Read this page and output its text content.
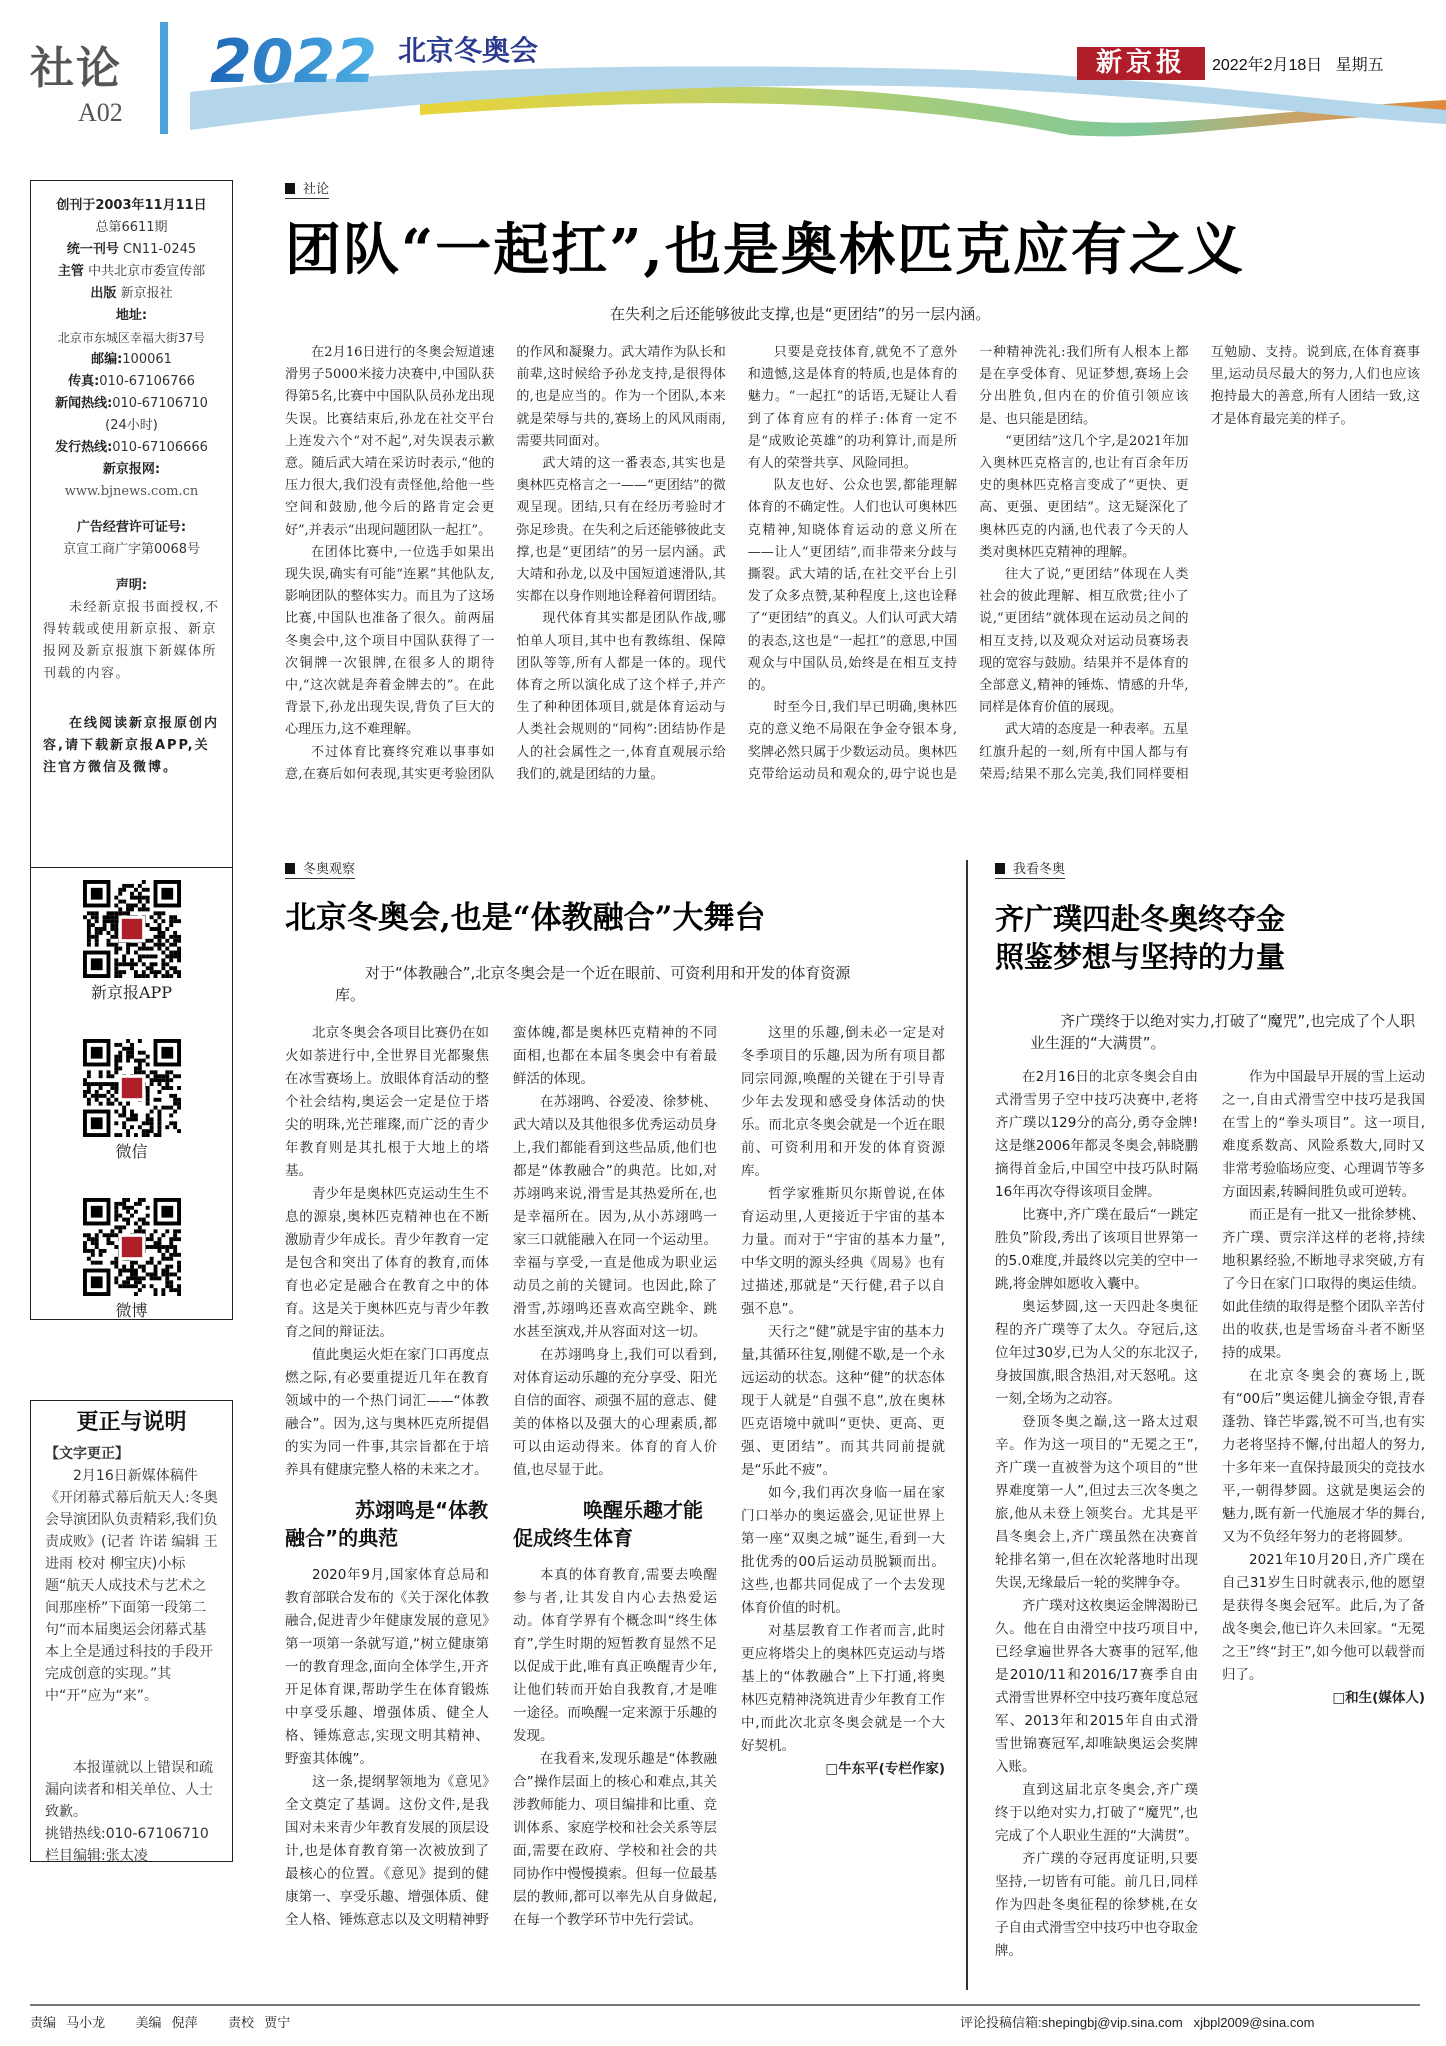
社论
A02
2022 北京冬奥会	新京报	2022年2月18日 星期五
创刊于2003年11月11日
总第6611期
统一刊号 CN11-0245
主管 中共北京市委宣传部
出版 新京报社
地址:
北京市东城区幸福大街37号
邮编:100061
传真:010-67106766
新闻热线:010-67106710
(24小时)
发行热线:010-67106666
新京报网:
www.bjnews.com.cn
广告经营许可证号:
京宣工商广字第0068号
声明:
未经新京报书面授权,不得转载或使用新京报、新京报网及新京报旗下新媒体所刊载的内容。
在线阅读新京报原创内容,请下载新京报APP,关注官方微信及微博。
新京报APP
微信
微博
更正与说明

【文字更正】

2月16日新媒体稿件《开闭幕式幕后航天人:冬奥会导演团队负责精彩,我们负责成败》(记者 许诺 编辑 王进雨 校对 柳宝庆)小标题“航天人成技术与艺术之间那座桥”下面第一段第二句“而本届奥运会闭幕式基本上全是通过科技的手段开完成创意的实现。”其中“开”应为“来”。

本报谨就以上错误和疏漏向读者和相关单位、人士致歉。

挑错热线:010-67106710

栏目编辑:张太凌

社论
团队“一起扛”,也是奥林匹克应有之义
在失利之后还能够彼此支撑,也是“更团结”的另一层内涵。

在2月16日进行的冬奥会短道速滑男子5000米接力决赛中,中国队获得第5名,比赛中中国队队员孙龙出现失误。比赛结束后,孙龙在社交平台上连发六个“对不起”,对失误表示歉意。随后武大靖在采访时表示,“他的压力很大,我们没有责怪他,给他一些空间和鼓励,他今后的路肯定会更好”,并表示“出现问题团队一起扛”。

在团体比赛中,一位选手如果出现失误,确实有可能“连累”其他队友,影响团队的整体实力。而且为了这场比赛,中国队也准备了很久。前两届冬奥会中,这个项目中国队获得了一次铜牌一次银牌,在很多人的期待中,“这次就是奔着金牌去的”。在此背景下,孙龙出现失误,背负了巨大的心理压力,这不难理解。

不过体育比赛终究难以事事如意,在赛后如何表现,其实更考验团队的作风和凝聚力。武大靖作为队长和前辈,这时候给予孙龙支持,是很得体的,也是应当的。作为一个团队,本来就是荣辱与共的,赛场上的风风雨雨,需要共同面对。

武大靖的这一番表态,其实也是奥林匹克格言之一——“更团结”的微观呈现。团结,只有在经历考验时才弥足珍贵。在失利之后还能够彼此支撑,也是“更团结”的另一层内涵。武大靖和孙龙,以及中国短道速滑队,其实都在以身作则地诠释着何谓团结。

现代体育其实都是团队作战,哪怕单人项目,其中也有教练组、保障团队等等,所有人都是一体的。现代体育之所以演化成了这个样子,并产生了种种团体项目,就是体育运动与人类社会规则的“同构”:团结协作是人的社会属性之一,体育直观展示给我们的,就是团结的力量。

只要是竞技体育,就免不了意外和遗憾,这是体育的特质,也是体育的魅力。“一起扛”的话语,无疑让人看到了体育应有的样子:体育一定不是“成败论英雄”的功利算计,而是所有人的荣誉共享、风险同担。

队友也好、公众也罢,都能理解体育的不确定性。人们也认可奥林匹克精神,知晓体育运动的意义所在——让人“更团结”,而非带来分歧与撕裂。武大靖的话,在社交平台上引发了众多点赞,某种程度上,这也诠释了“更团结”的真义。人们认可武大靖的表态,这也是“一起扛”的意思,中国观众与中国队员,始终是在相互支持的。

时至今日,我们早已明确,奥林匹克的意义绝不局限在争金夺银本身,奖牌必然只属于少数运动员。奥林匹克带给运动员和观众的,毋宁说也是一种精神洗礼:我们所有人根本上都是在享受体育、见证梦想,赛场上会分出胜负,但内在的价值引领应该是、也只能是团结。

“更团结”这几个字,是2021年加入奥林匹克格言的,也让有百余年历史的奥林匹克格言变成了“更快、更高、更强、更团结”。这无疑深化了奥林匹克的内涵,也代表了今天的人类对奥林匹克精神的理解。

往大了说,“更团结”体现在人类社会的彼此理解、相互欣赏;往小了说,“更团结”就体现在运动员之间的相互支持,以及观众对运动员赛场表现的宽容与鼓励。结果并不是体育的全部意义,精神的锤炼、情感的升华,同样是体育价值的展现。

武大靖的态度是一种表率。五星红旗升起的一刻,所有中国人都与有荣焉;结果不那么完美,我们同样要相互勉励、支持。说到底,在体育赛事里,运动员尽最大的努力,人们也应该抱持最大的善意,所有人团结一致,这才是体育最完美的样子。

冬奥观察
北京冬奥会,也是“体教融合”大舞台
对于“体教融合”,北京冬奥会是一个近在眼前、可资利用和开发的体育资源库。

北京冬奥会各项目比赛仍在如火如荼进行中,全世界目光都聚焦在冰雪赛场上。放眼体育活动的整个社会结构,奥运会一定是位于塔尖的明珠,光芒璀璨,而广泛的青少年教育则是其扎根于大地上的塔基。

青少年是奥林匹克运动生生不息的源泉,奥林匹克精神也在不断激励青少年成长。青少年教育一定是包含和突出了体育的教育,而体育也必定是融合在教育之中的体育。这是关于奥林匹克与青少年教育之间的辩证法。

值此奥运火炬在家门口再度点燃之际,有必要重提近几年在教育领域中的一个热门词汇——“体教融合”。因为,这与奥林匹克所提倡的实为同一件事,其宗旨都在于培养具有健康完整人格的未来之才。

苏翊鸣是“体教融合”的典范

2020年9月,国家体育总局和教育部联合发布的《关于深化体教融合,促进青少年健康发展的意见》第一项第一条就写道,“树立健康第一的教育理念,面向全体学生,开齐开足体育课,帮助学生在体育锻炼中享受乐趣、增强体质、健全人格、锤炼意志,实现文明其精神、野蛮其体魄”。

这一条,提纲挈领地为《意见》全文奠定了基调。这份文件,是我国对未来青少年教育发展的顶层设计,也是体育教育第一次被放到了最核心的位置。《意见》提到的健康第一、享受乐趣、增强体质、健全人格、锤炼意志以及文明精神野蛮体魄,都是奥林匹克精神的不同面相,也都在本届冬奥会中有着最鲜活的体现。

在苏翊鸣、谷爱凌、徐梦桃、武大靖以及其他很多优秀运动员身上,我们都能看到这些品质,他们也都是“体教融合”的典范。比如,对苏翊鸣来说,滑雪是其热爱所在,也是幸福所在。因为,从小苏翊鸣一家三口就能融入在同一个运动里。幸福与享受,一直是他成为职业运动员之前的关键词。也因此,除了滑雪,苏翊鸣还喜欢高空跳伞、跳水甚至演戏,并从容面对这一切。

在苏翊鸣身上,我们可以看到,对体育运动乐趣的充分享受、阳光自信的面容、顽强不屈的意志、健美的体格以及强大的心理素质,都可以由运动得来。体育的育人价值,也尽显于此。

唤醒乐趣才能促成终生体育

本真的体育教育,需要去唤醒参与者,让其发自内心去热爱运动。体育学界有个概念叫“终生体育”,学生时期的短暂教育显然不足以促成于此,唯有真正唤醒青少年,让他们转而开始自我教育,才是唯一途径。而唤醒一定来源于乐趣的发现。

在我看来,发现乐趣是“体教融合”操作层面上的核心和难点,其关涉教师能力、项目编排和比重、竞训体系、家庭学校和社会关系等层面,需要在政府、学校和社会的共同协作中慢慢摸索。但每一位最基层的教师,都可以率先从自身做起,在每一个教学环节中先行尝试。

这里的乐趣,倒未必一定是对冬季项目的乐趣,因为所有项目都同宗同源,唤醒的关键在于引导青少年去发现和感受身体活动的快乐。而北京冬奥会就是一个近在眼前、可资利用和开发的体育资源库。

哲学家雅斯贝尔斯曾说,在体育运动里,人更接近于宇宙的基本力量。而对于“宇宙的基本力量”,中华文明的源头经典《周易》也有过描述,那就是“天行健,君子以自强不息”。

天行之“健”就是宇宙的基本力量,其循环往复,刚健不歇,是一个永远运动的状态。这种“健”的状态体现于人就是“自强不息”,放在奥林匹克语境中就叫“更快、更高、更强、更团结”。而其共同前提就是“乐此不疲”。

如今,我们再次身临一届在家门口举办的奥运盛会,见证世界上第一座“双奥之城”诞生,看到一大批优秀的00后运动员脱颖而出。这些,也都共同促成了一个去发现体育价值的时机。

对基层教育工作者而言,此时更应将塔尖上的奥林匹克运动与塔基上的“体教融合”上下打通,将奥林匹克精神浇筑进青少年教育工作中,而此次北京冬奥会就是一个大好契机。

□牛东平(专栏作家)

我看冬奥
齐广璞四赴冬奥终夺金
照鉴梦想与坚持的力量
齐广璞终于以绝对实力,打破了“魔咒”,也完成了个人职业生涯的“大满贯”。

在2月16日的北京冬奥会自由式滑雪男子空中技巧决赛中,老将齐广璞以129分的高分,勇夺金牌!这是继2006年都灵冬奥会,韩晓鹏摘得首金后,中国空中技巧队时隔16年再次夺得该项目金牌。

比赛中,齐广璞在最后“一跳定胜负”阶段,秀出了该项目世界第一的5.0难度,并最终以完美的空中一跳,将金牌如愿收入囊中。

奥运梦圆,这一天四赴冬奥征程的齐广璞等了太久。夺冠后,这位年过30岁,已为人父的东北汉子,身披国旗,眼含热泪,对天怒吼。这一刻,全场为之动容。

登顶冬奥之巅,这一路太过艰辛。作为这一项目的“无冕之王”,齐广璞一直被誉为这个项目的“世界难度第一人”,但过去三次冬奥之旅,他从未登上领奖台。尤其是平昌冬奥会上,齐广璞虽然在决赛首轮排名第一,但在次轮落地时出现失误,无缘最后一轮的奖牌争夺。

齐广璞对这枚奥运金牌渴盼已久。他在自由滑空中技巧项目中,已经拿遍世界各大赛事的冠军,他是2010/11和2016/17赛季自由式滑雪世界杯空中技巧赛年度总冠军、2013年和2015年自由式滑雪世锦赛冠军,却唯缺奥运会奖牌入账。

直到这届北京冬奥会,齐广璞终于以绝对实力,打破了“魔咒”,也完成了个人职业生涯的“大满贯”。

齐广璞的夺冠再度证明,只要坚持,一切皆有可能。前几日,同样作为四赴冬奥征程的徐梦桃,在女子自由式滑雪空中技巧中也夺取金牌。

作为中国最早开展的雪上运动之一,自由式滑雪空中技巧是我国在雪上的“拳头项目”。这一项目,难度系数高、风险系数大,同时又非常考验临场应变、心理调节等多方面因素,转瞬间胜负或可逆转。

而正是有一批又一批徐梦桃、齐广璞、贾宗洋这样的老将,持续地积累经验,不断地寻求突破,方有了今日在家门口取得的奥运佳绩。如此佳绩的取得是整个团队辛苦付出的收获,也是雪场奋斗者不断坚持的成果。

在北京冬奥会的赛场上,既有“00后”奥运健儿摘金夺银,青春蓬勃、锋芒毕露,锐不可当,也有实力老将坚持不懈,付出超人的努力,十多年来一直保持最顶尖的竞技水平,一朝得梦圆。这就是奥运会的魅力,既有新一代施展才华的舞台,又为不负经年努力的老将圆梦。

2021年10月20日,齐广璞在自己31岁生日时就表示,他的愿望是获得冬奥会冠军。此后,为了备战冬奥会,他已许久未回家。“无冕之王”终“封王”,如今他可以载誉而归了。

□和生(媒体人)

责编 马小龙   美编 倪萍   责校 贾宁	评论投稿信箱:shepingbj@vip.sina.com   xjbpl2009@sina.com
